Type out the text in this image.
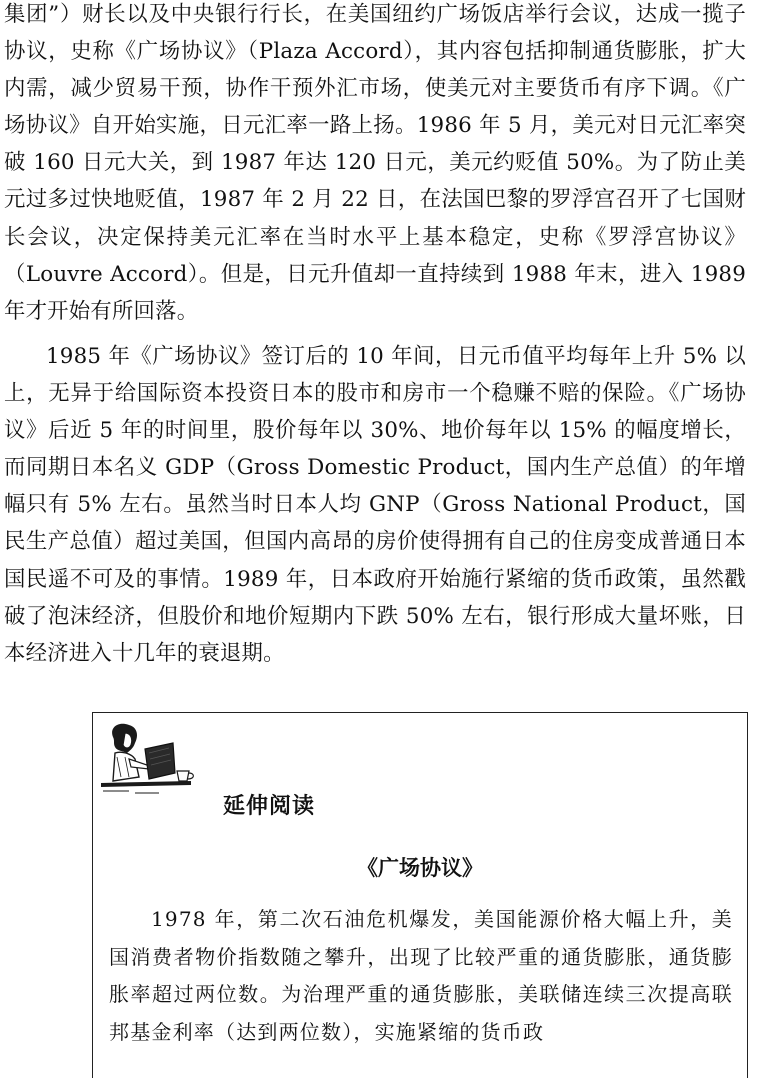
集团”）财长以及中央银行行长，在美国纽约广场饭店举行会议，达成一揽子协议，史称《广场协议》（Plaza Accord），其内容包括抑制通货膨胀，扩大内需，减少贸易干预，协作干预外汇市场，使美元对主要货币有序下调。《广场协议》自开始实施，日元汇率一路上扬。1986 年 5 月，美元对日元汇率突破 160 日元大关，到 1987 年达 120 日元，美元约贬值 50%。为了防止美元过多过快地贬值，1987 年 2 月 22 日，在法国巴黎的罗浮宫召开了七国财长会议，决定保持美元汇率在当时水平上基本稳定，史称《罗浮宫协议》（Louvre Accord）。但是，日元升值却一直持续到 1988 年末，进入 1989 年才开始有所回落。

1985 年《广场协议》签订后的 10 年间，日元币值平均每年上升 5% 以上，无异于给国际资本投资日本的股市和房市一个稳赚不赔的保险。《广场协议》后近 5 年的时间里，股价每年以 30%、地价每年以 15% 的幅度增长，而同期日本名义 GDP（Gross Domestic Product，国内生产总值）的年增幅只有 5% 左右。虽然当时日本人均 GNP（Gross National Product，国民生产总值）超过美国，但国内高昂的房价使得拥有自己的住房变成普通日本国民遥不可及的事情。1989 年，日本政府开始施行紧缩的货币政策，虽然戳破了泡沫经济，但股价和地价短期内下跌 50% 左右，银行形成大量坏账，日本经济进入十几年的衰退期。

延伸阅读
《广场协议》

1978 年，第二次石油危机爆发，美国能源价格大幅上升，美国消费者物价指数随之攀升，出现了比较严重的通货膨胀，通货膨胀率超过两位数。为治理严重的通货膨胀，美联储连续三次提高联邦基金利率（达到两位数），实施紧缩的货币政
